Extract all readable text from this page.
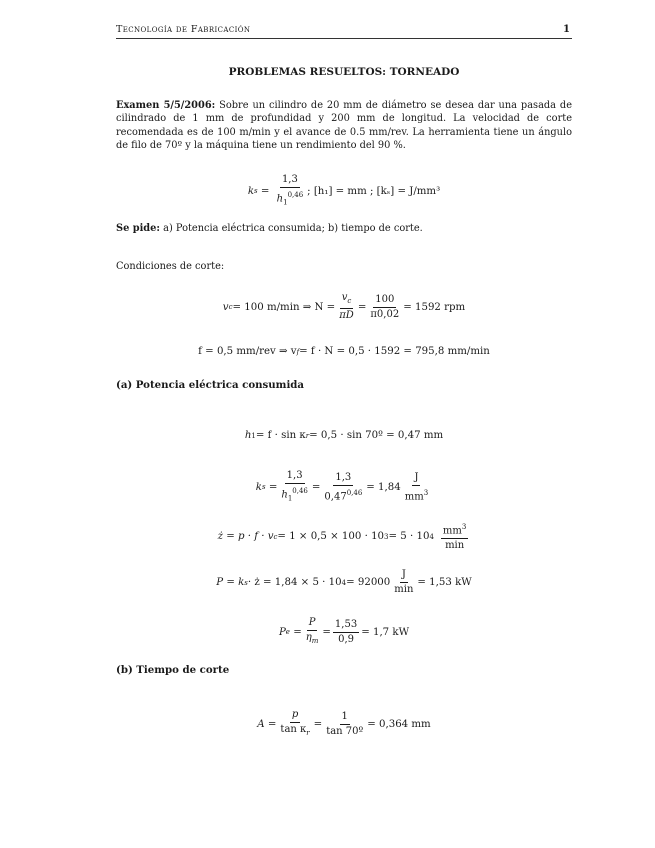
Tecnología de Fabricación	1
PROBLEMAS RESUELTOS: TORNEADO
Examen 5/5/2006: Sobre un cilindro de 20 mm de diámetro se desea dar una pasada de cilindrado de 1 mm de profundidad y 200 mm de longitud. La velocidad de corte recomendada es de 100 m/min y el avance de 0.5 mm/rev. La herramienta tiene un ángulo de filo de 70º y la máquina tiene un rendimiento del 90 %.
k $s = \frac{1,3}{h_1^{0,46}}$ ; [h₁] = mm ; [kₛ] = J/mm³
Se pide: a) Potencia eléctrica consumida; b) tiempo de corte.
Condiciones de corte:
v c = 100 m/min ⇒ $N = \frac{v_c}{\pi D} = \frac{100}{\pi 0,02} = 1592$ rpm
f = 0,5 mm/rev ⇒ v f = f · N = 0,5 · 1592 = 795,8 mm/min
(a) Potencia eléctrica consumida
h 1 = f · sin κ r = 0,5 · sin 70º = 0,47 mm
k $s = \frac{1,3}{h_1^{0,46}} = \frac{1,3}{0,47^{0,46}} = 1,84 \frac{J}{mm^3}$
ż = p · f · v c = 1 × 0,5 × 100 · 10 3 = 5 · 10 $4 \frac{mm^3}{\min}$
P = k s · ż = 1,84 × 5 · 10 $4 = 92000 \frac{J}{\min} = 1,53$ kW
P $e = \frac{P}{\eta_m} = \frac{1,53}{0,9} = 1,7$ kW
(b) Tiempo de corte
$A = \frac{p}{\tan \kappa_r} = \frac{1}{\text{tan 70º}} = 0,364$ mm
